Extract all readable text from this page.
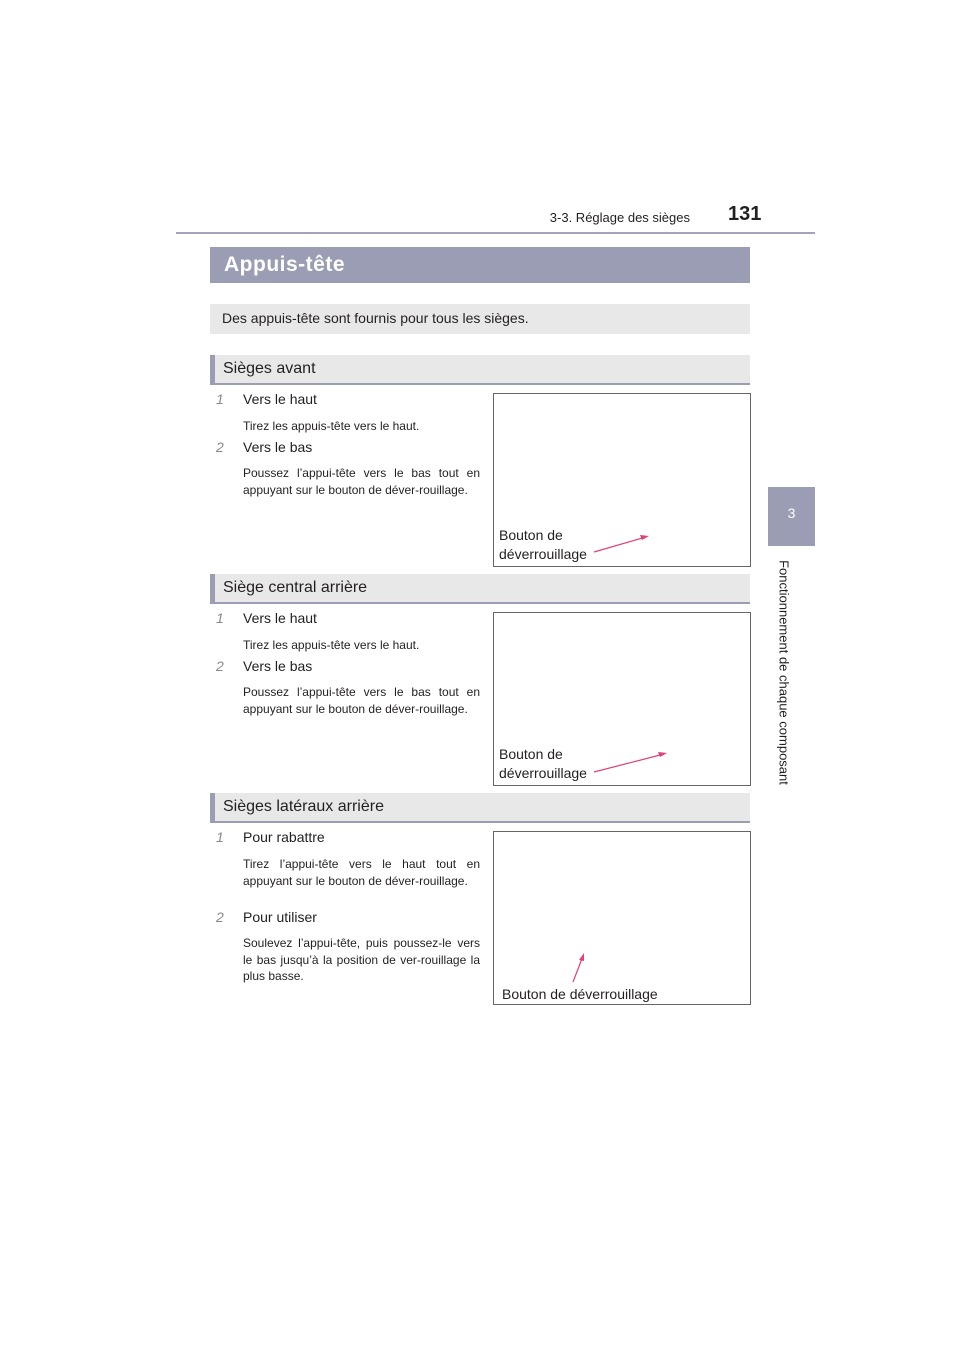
3-3. Réglage des sièges 131
3
Fonctionnement de chaque composant
Appuis-tête
Des appuis-tête sont fournis pour tous les sièges.
Sièges avant
1	Vers le haut
Tirez les appuis-tête vers le haut.
2	Vers le bas
Poussez l’appui-tête vers le bas tout en appuyant sur le bouton de déver-rouillage.
Bouton de
déverrouillage
Siège central arrière
1	Vers le haut
Tirez les appuis-tête vers le haut.
2	Vers le bas
Poussez l’appui-tête vers le bas tout en appuyant sur le bouton de déver-rouillage.
Bouton de
déverrouillage
Sièges latéraux arrière
1	Pour rabattre
Tirez l’appui-tête vers le haut tout en appuyant sur le bouton de déver-rouillage.
2	Pour utiliser
Soulevez l’appui-tête, puis poussez-le vers le bas jusqu’à la position de ver-rouillage la plus basse.
Bouton de déverrouillage
